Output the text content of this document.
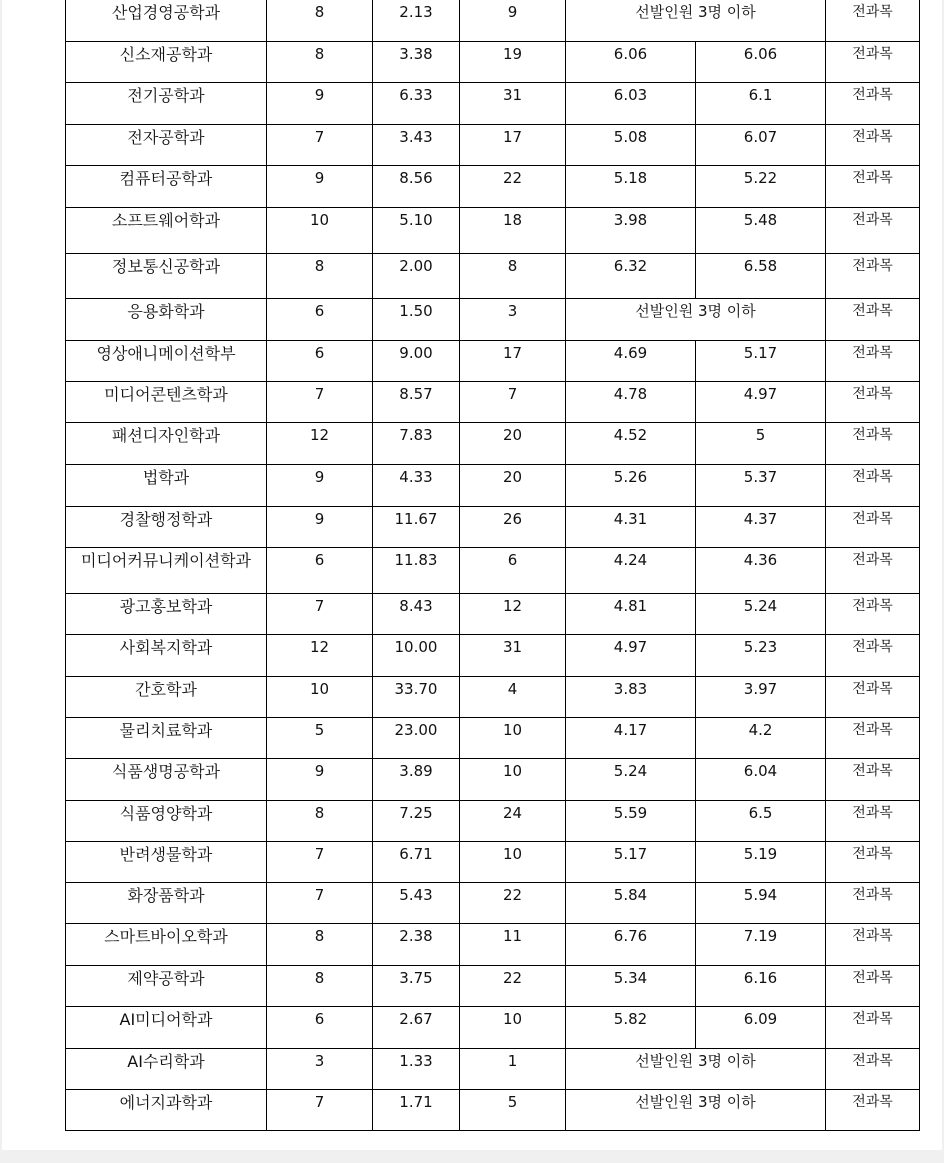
산업경영공학과	8	2.13	9	선발인원 3명 이하		전과목
신소재공학과	8	3.38	19	6.06	6.06	전과목
전기공학과	9	6.33	31	6.03	6.1	전과목
전자공학과	7	3.43	17	5.08	6.07	전과목
컴퓨터공학과	9	8.56	22	5.18	5.22	전과목
소프트웨어학과	10	5.10	18	3.98	5.48	전과목
정보통신공학과	8	2.00	8	6.32	6.58	전과목
응용화학과	6	1.50	3	선발인원 3명 이하		전과목
영상애니메이션학부	6	9.00	17	4.69	5.17	전과목
미디어콘텐츠학과	7	8.57	7	4.78	4.97	전과목
패션디자인학과	12	7.83	20	4.52	5	전과목
법학과	9	4.33	20	5.26	5.37	전과목
경찰행정학과	9	11.67	26	4.31	4.37	전과목
미디어커뮤니케이션학과	6	11.83	6	4.24	4.36	전과목
광고홍보학과	7	8.43	12	4.81	5.24	전과목
사회복지학과	12	10.00	31	4.97	5.23	전과목
간호학과	10	33.70	4	3.83	3.97	전과목
물리치료학과	5	23.00	10	4.17	4.2	전과목
식품생명공학과	9	3.89	10	5.24	6.04	전과목
식품영양학과	8	7.25	24	5.59	6.5	전과목
반려생물학과	7	6.71	10	5.17	5.19	전과목
화장품학과	7	5.43	22	5.84	5.94	전과목
스마트바이오학과	8	2.38	11	6.76	7.19	전과목
제약공학과	8	3.75	22	5.34	6.16	전과목
AI미디어학과	6	2.67	10	5.82	6.09	전과목
AI수리학과	3	1.33	1	선발인원 3명 이하		전과목
에너지과학과	7	1.71	5	선발인원 3명 이하		전과목
